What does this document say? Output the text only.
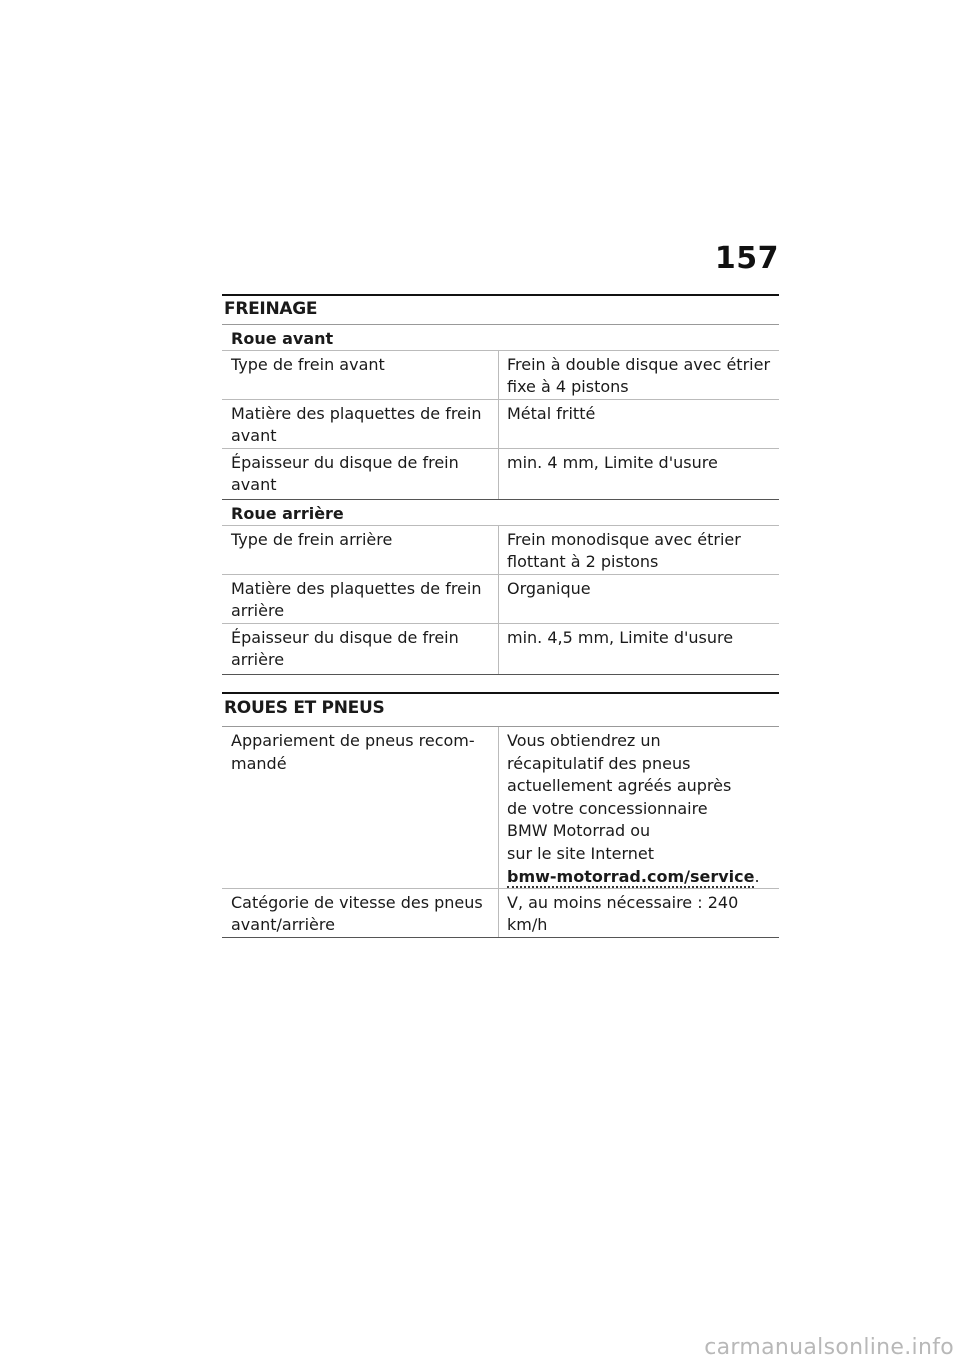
157
FREINAGE
Roue avant
Type de frein avant	Frein à double disque avec étrier fixe à 4 pistons
Matière des plaquettes de frein avant
Métal fritté
Épaisseur du disque de frein avant
min. 4 mm, Limite d'usure
Roue arrière
Type de frein arrière	Frein monodisque avec étrier flottant à 2 pistons
Matière des plaquettes de frein arrière
Organique
Épaisseur du disque de frein arrière
min. 4,5 mm, Limite d'usure
ROUES ET PNEUS
Appariement de pneus recom-mandé
Vous obtiendrez un
récapitulatif des pneus
actuellement agréés auprès
de votre concessionnaire
BMW Motorrad ou
sur le site Internet
bmw-motorrad.com/service.
Catégorie de vitesse des pneus avant/arrière
V, au moins nécessaire : 240 km/h
carmanualsonline.info
